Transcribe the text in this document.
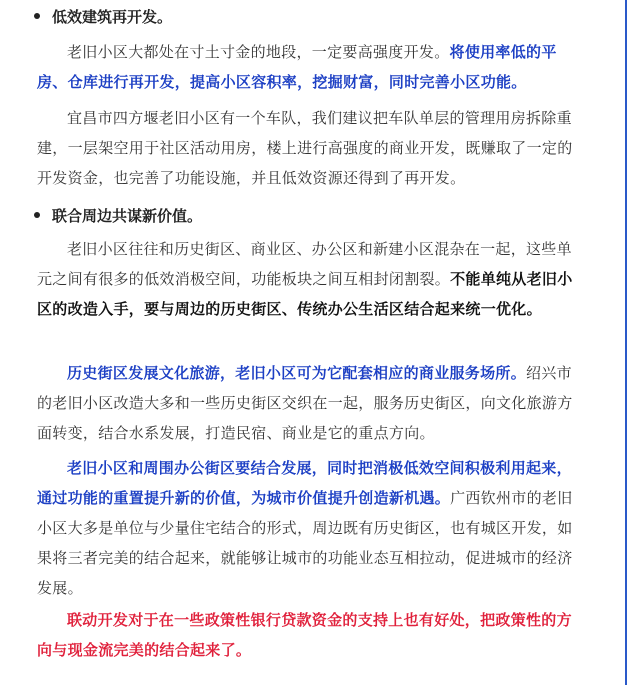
低效建筑再开发。

老旧小区大都处在寸土寸金的地段，一定要高强度开发。将使用率低的平房、仓库进行再开发，提高小区容积率，挖掘财富，同时完善小区功能。

宜昌市四方堰老旧小区有一个车队，我们建议把车队单层的管理用房拆除重建，一层架空用于社区活动用房，楼上进行高强度的商业开发，既赚取了一定的开发资金，也完善了功能设施，并且低效资源还得到了再开发。

联合周边共谋新价值。

老旧小区往往和历史街区、商业区、办公区和新建小区混杂在一起，这些单元之间有很多的低效消极空间，功能板块之间互相封闭割裂。不能单纯从老旧小区的改造入手，要与周边的历史街区、传统办公生活区结合起来统一优化。

历史街区发展文化旅游，老旧小区可为它配套相应的商业服务场所。绍兴市的老旧小区改造大多和一些历史街区交织在一起，服务历史街区，向文化旅游方面转变，结合水系发展，打造民宿、商业是它的重点方向。

老旧小区和周围办公街区要结合发展，同时把消极低效空间积极利用起来，通过功能的重置提升新的价值，为城市价值提升创造新机遇。广西钦州市的老旧小区大多是单位与少量住宅结合的形式，周边既有历史街区，也有城区开发，如果将三者完美的结合起来，就能够让城市的功能业态互相拉动，促进城市的经济发展。

联动开发对于在一些政策性银行贷款资金的支持上也有好处，把政策性的方向与现金流完美的结合起来了。
